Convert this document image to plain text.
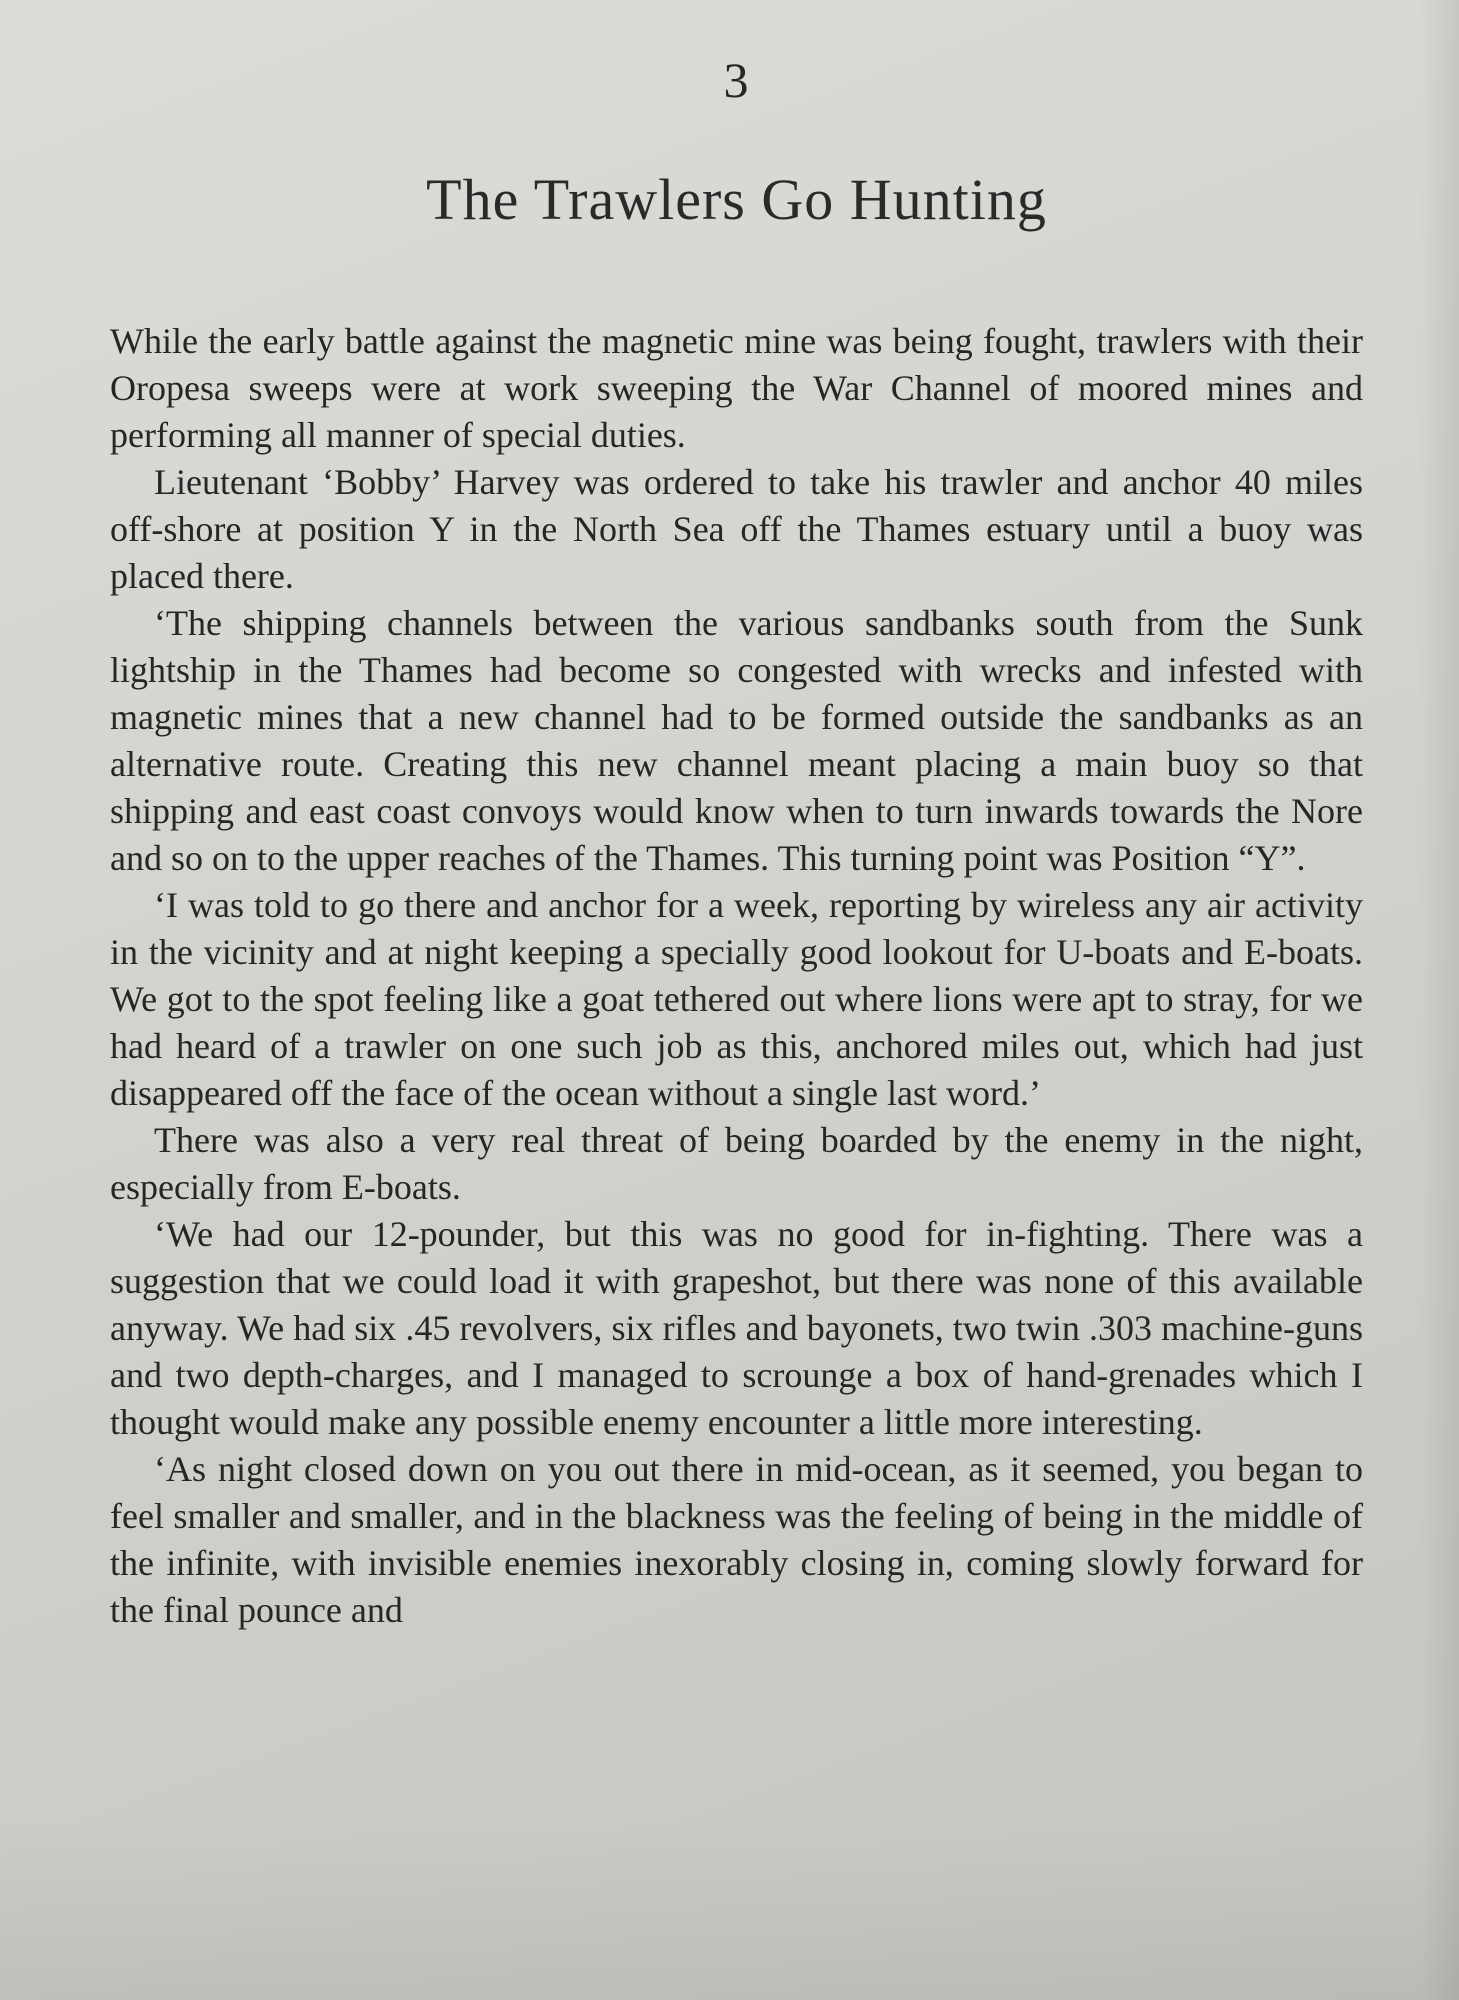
3
The Trawlers Go Hunting

While the early battle against the magnetic mine was being fought, trawlers with their Oropesa sweeps were at work sweeping the War Channel of moored mines and performing all manner of special duties.

Lieutenant ‘Bobby’ Harvey was ordered to take his trawler and anchor 40 miles off-shore at position Y in the North Sea off the Thames estuary until a buoy was placed there.

‘The shipping channels between the various sandbanks south from the Sunk lightship in the Thames had become so congested with wrecks and infested with magnetic mines that a new channel had to be formed outside the sandbanks as an alternative route. Creating this new channel meant placing a main buoy so that shipping and east coast convoys would know when to turn inwards towards the Nore and so on to the upper reaches of the Thames. This turning point was Position “Y”.

‘I was told to go there and anchor for a week, reporting by wireless any air activity in the vicinity and at night keeping a specially good lookout for U-boats and E-boats. We got to the spot feeling like a goat tethered out where lions were apt to stray, for we had heard of a trawler on one such job as this, anchored miles out, which had just disappeared off the face of the ocean without a single last word.’

There was also a very real threat of being boarded by the enemy in the night, especially from E-boats.

‘We had our 12-pounder, but this was no good for in-fighting. There was a suggestion that we could load it with grapeshot, but there was none of this available anyway. We had six .45 revolvers, six rifles and bayonets, two twin .303 machine-guns and two depth-charges, and I managed to scrounge a box of hand-grenades which I thought would make any possible enemy encounter a little more interesting.

‘As night closed down on you out there in mid-ocean, as it seemed, you began to feel smaller and smaller, and in the blackness was the feeling of being in the middle of the infinite, with invisible enemies inexorably closing in, coming slowly forward for the final pounce and
